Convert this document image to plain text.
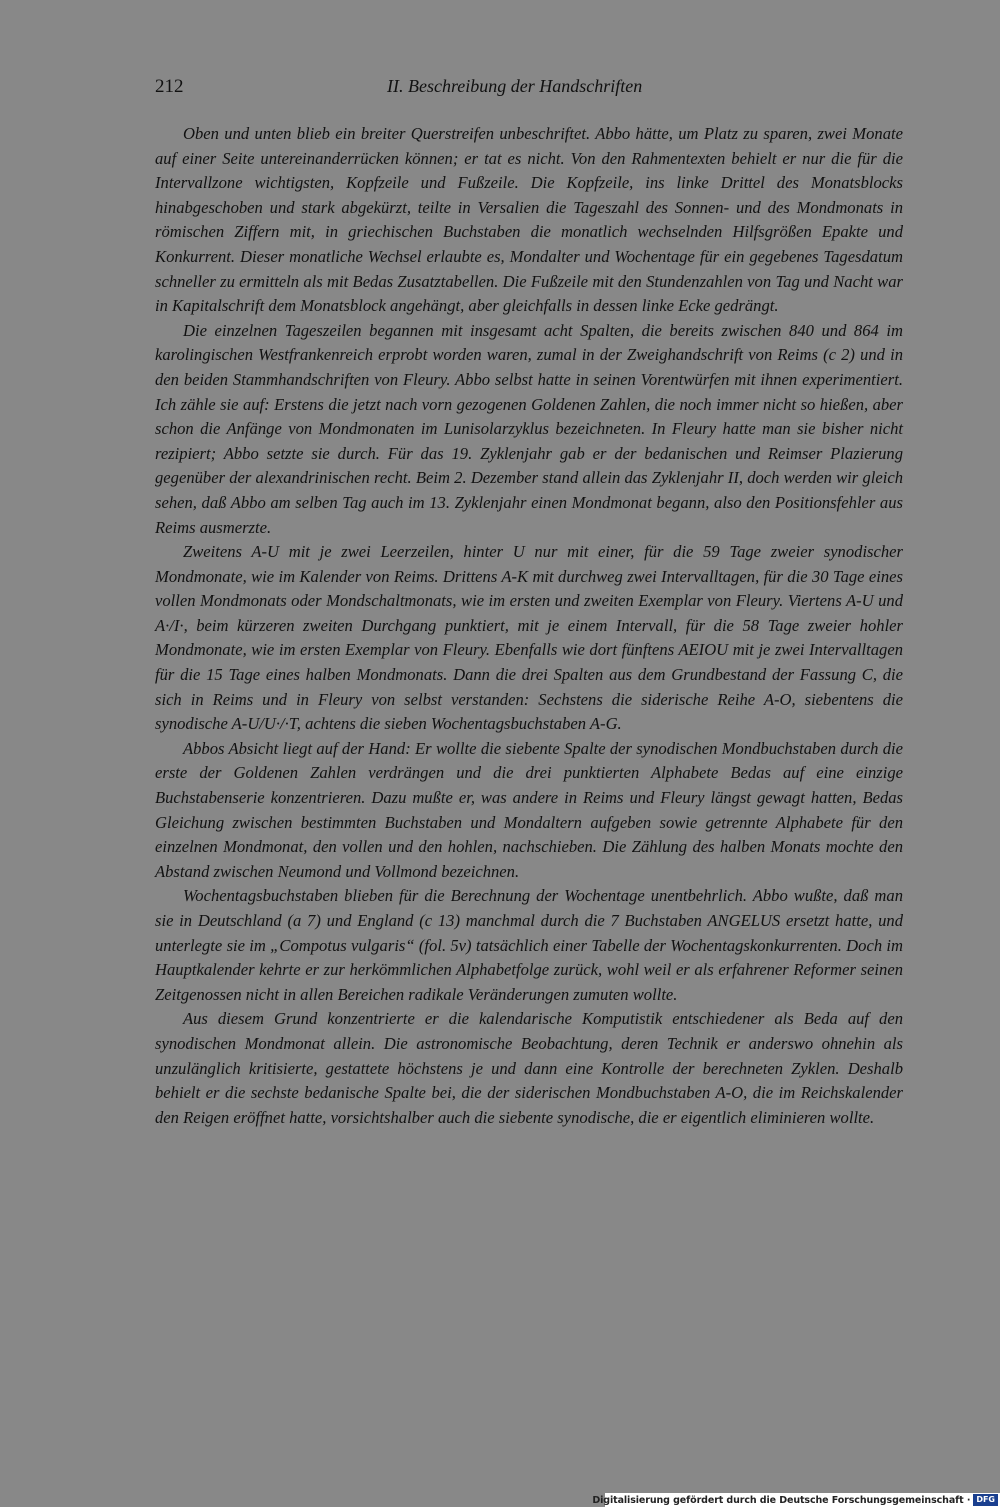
212	II. Beschreibung der Handschriften

Oben und unten blieb ein breiter Querstreifen unbeschriftet. Abbo hätte, um Platz zu sparen, zwei Monate auf einer Seite untereinanderrücken können; er tat es nicht. Von den Rahmentexten behielt er nur die für die Intervallzone wichtigsten, Kopfzeile und Fußzeile. Die Kopfzeile, ins linke Drittel des Monatsblocks hinabgeschoben und stark abgekürzt, teilte in Versalien die Tageszahl des Sonnen- und des Mondmonats in römischen Ziffern mit, in griechischen Buchstaben die monatlich wechselnden Hilfsgrößen Epakte und Konkurrent. Dieser monatliche Wechsel erlaubte es, Mondalter und Wochentage für ein gegebenes Tagesdatum schneller zu ermitteln als mit Bedas Zusatztabellen. Die Fußzeile mit den Stundenzahlen von Tag und Nacht war in Kapitalschrift dem Monatsblock angehängt, aber gleichfalls in dessen linke Ecke gedrängt.

Die einzelnen Tageszeilen begannen mit insgesamt acht Spalten, die bereits zwischen 840 und 864 im karolingischen Westfrankenreich erprobt worden waren, zumal in der Zweighandschrift von Reims (c 2) und in den beiden Stammhandschriften von Fleury. Abbo selbst hatte in seinen Vorentwürfen mit ihnen experimentiert. Ich zähle sie auf: Erstens die jetzt nach vorn gezogenen Goldenen Zahlen, die noch immer nicht so hießen, aber schon die Anfänge von Mondmonaten im Lunisolarzyklus bezeichneten. In Fleury hatte man sie bisher nicht rezipiert; Abbo setzte sie durch. Für das 19. Zyklenjahr gab er der bedanischen und Reimser Plazierung gegenüber der alexandrinischen recht. Beim 2. Dezember stand allein das Zyklenjahr II, doch werden wir gleich sehen, daß Abbo am selben Tag auch im 13. Zyklenjahr einen Mondmonat begann, also den Positionsfehler aus Reims ausmerzte.

Zweitens A-U mit je zwei Leerzeilen, hinter U nur mit einer, für die 59 Tage zweier synodischer Mondmonate, wie im Kalender von Reims. Drittens A-K mit durchweg zwei Intervalltagen, für die 30 Tage eines vollen Mondmonats oder Mondschaltmonats, wie im ersten und zweiten Exemplar von Fleury. Viertens A-U und A·/I·, beim kürzeren zweiten Durchgang punktiert, mit je einem Intervall, für die 58 Tage zweier hohler Mondmonate, wie im ersten Exemplar von Fleury. Ebenfalls wie dort fünftens AEIOU mit je zwei Intervalltagen für die 15 Tage eines halben Mondmonats. Dann die drei Spalten aus dem Grundbestand der Fassung C, die sich in Reims und in Fleury von selbst verstanden: Sechstens die siderische Reihe A-O, siebentens die synodische A-U/U·/·T, achtens die sieben Wochentagsbuchstaben A-G.

Abbos Absicht liegt auf der Hand: Er wollte die siebente Spalte der synodischen Mondbuchstaben durch die erste der Goldenen Zahlen verdrängen und die drei punktierten Alphabete Bedas auf eine einzige Buchstabenserie konzentrieren. Dazu mußte er, was andere in Reims und Fleury längst gewagt hatten, Bedas Gleichung zwischen bestimmten Buchstaben und Mondaltern aufgeben sowie getrennte Alphabete für den einzelnen Mondmonat, den vollen und den hohlen, nachschieben. Die Zählung des halben Monats mochte den Abstand zwischen Neumond und Vollmond bezeichnen.

Wochentagsbuchstaben blieben für die Berechnung der Wochentage unentbehrlich. Abbo wußte, daß man sie in Deutschland (a 7) und England (c 13) manchmal durch die 7 Buchstaben ANGELUS ersetzt hatte, und unterlegte sie im „Compotus vulgaris“ (fol. 5v) tatsächlich einer Tabelle der Wochentagskonkurrenten. Doch im Hauptkalender kehrte er zur herkömmlichen Alphabetfolge zurück, wohl weil er als erfahrener Reformer seinen Zeitgenossen nicht in allen Bereichen radikale Veränderungen zumuten wollte.

Aus diesem Grund konzentrierte er die kalendarische Komputistik entschiedener als Beda auf den synodischen Mondmonat allein. Die astronomische Beobachtung, deren Technik er anderswo ohnehin als unzulänglich kritisierte, gestattete höchstens je und dann eine Kontrolle der berechneten Zyklen. Deshalb behielt er die sechste bedanische Spalte bei, die der siderischen Mondbuchstaben A-O, die im Reichskalender den Reigen eröffnet hatte, vorsichtshalber auch die siebente synodische, die er eigentlich eliminieren wollte.

Digitalisierung gefördert durch die Deutsche Forschungsgemeinschaft · DFG
